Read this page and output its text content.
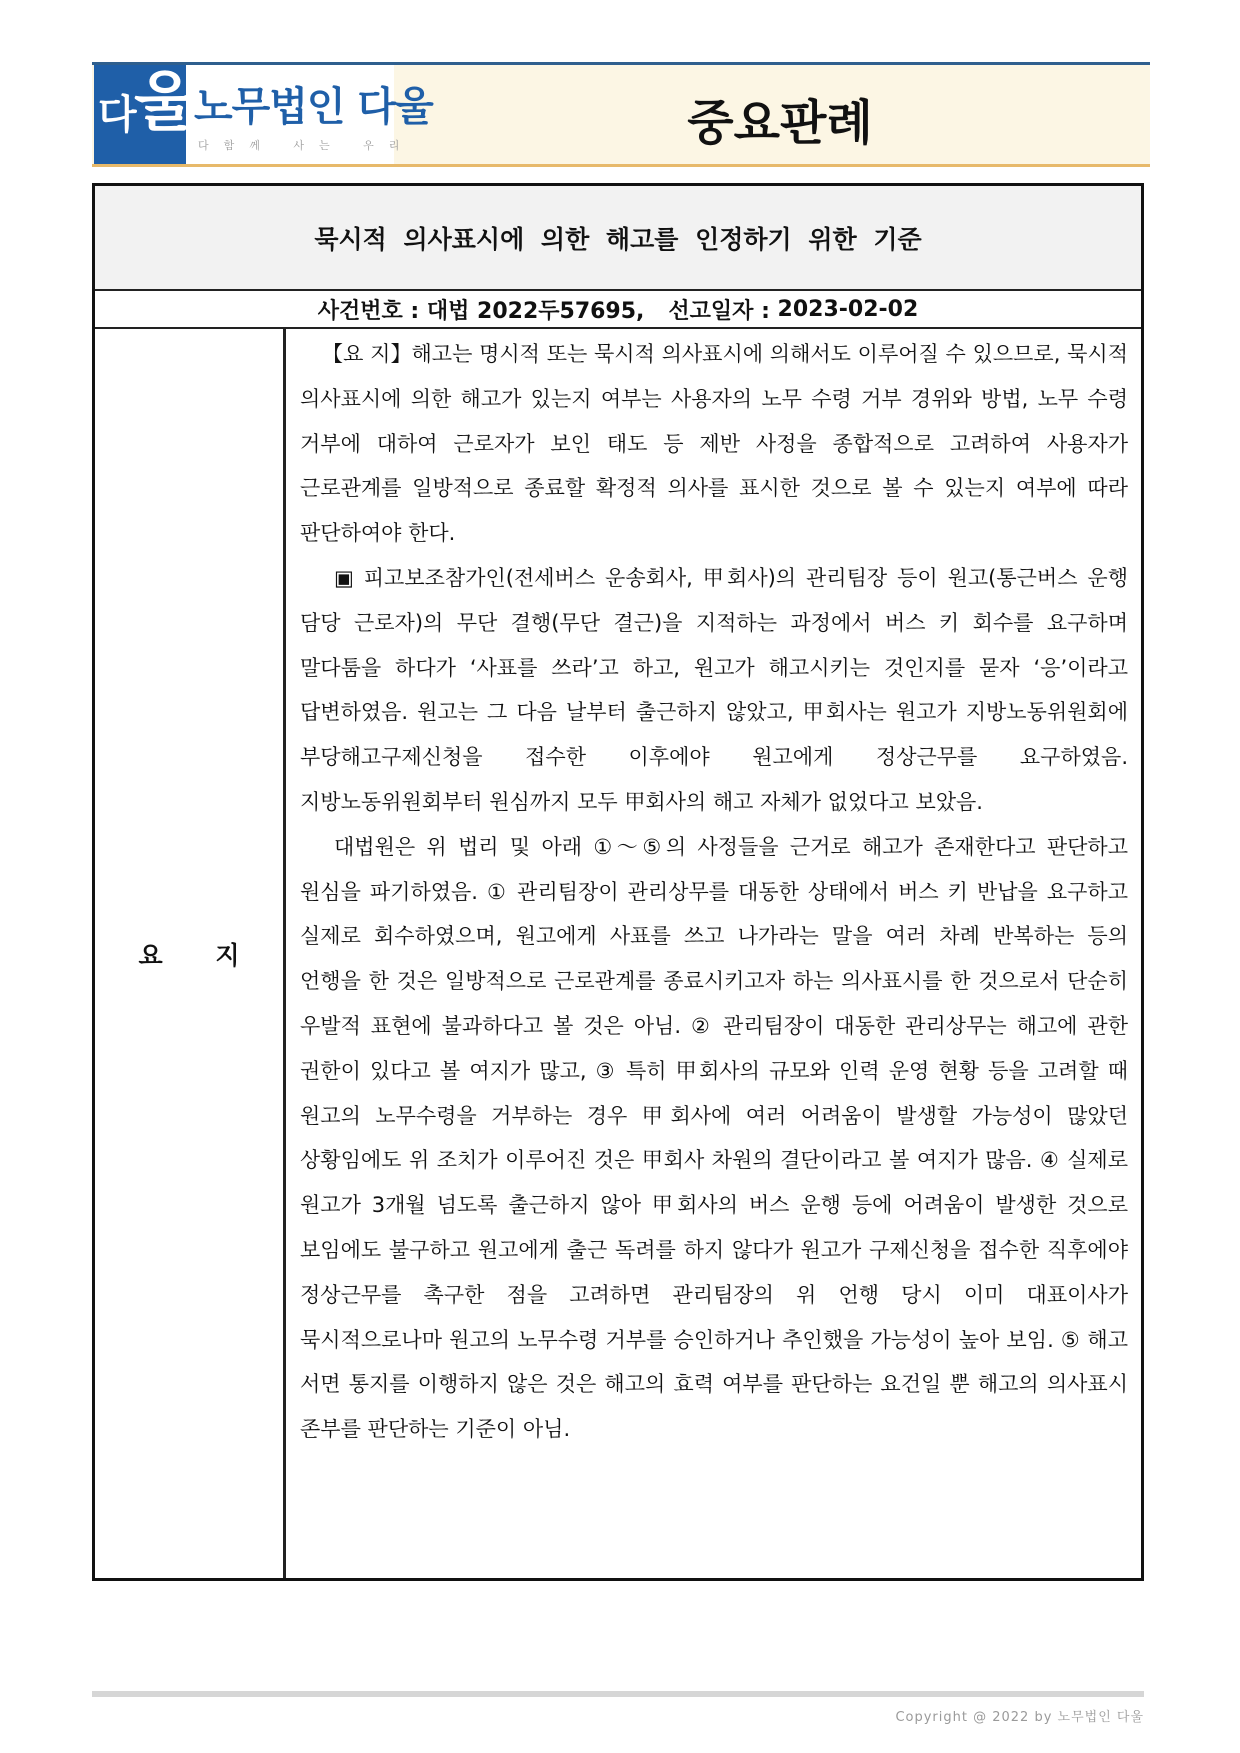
다
울
노무법인 다울
다함께 사는 우리	중요판례
묵시적 의사표시에 의한 해고를 인정하기 위한 기준
사건번호 :
대법 2022두57695, 선고일자 :
2023-02-02
요 지

【요 지】해고는 명시적 또는 묵시적 의사표시에 의해서도 이루어질 수 있으므로, 묵시적 의사표시에 의한 해고가 있는지 여부는 사용자의 노무 수령 거부 경위와 방법, 노무 수령 거부에 대하여 근로자가 보인 태도 등 제반 사정을 종합적으로 고려하여 사용자가 근로관계를 일방적으로 종료할 확정적 의사를 표시한 것으로 볼 수 있는지 여부에 따라 판단하여야 한다.

▣ 피고보조참가인(전세버스 운송회사, 甲회사)의 관리팀장 등이 원고(통근버스 운행 담당 근로자)의 무단 결행(무단 결근)을 지적하는 과정에서 버스 키 회수를 요구하며 말다툼을 하다가 ‘사표를 쓰라’고 하고, 원고가 해고시키는 것인지를 묻자 ‘응’이라고 답변하였음. 원고는 그 다음 날부터 출근하지 않았고, 甲회사는 원고가 지방노동위원회에 부당해고구제신청을 접수한 이후에야 원고에게 정상근무를 요구하였음. 지방노동위원회부터 원심까지 모두 甲회사의 해고 자체가 없었다고 보았음.

대법원은 위 법리 및 아래 ①～⑤의 사정들을 근거로 해고가 존재한다고 판단하고 원심을 파기하였음. ① 관리팀장이 관리상무를 대동한 상태에서 버스 키 반납을 요구하고 실제로 회수하였으며, 원고에게 사표를 쓰고 나가라는 말을 여러 차례 반복하는 등의 언행을 한 것은 일방적으로 근로관계를 종료시키고자 하는 의사표시를 한 것으로서 단순히 우발적 표현에 불과하다고 볼 것은 아님. ② 관리팀장이 대동한 관리상무는 해고에 관한 권한이 있다고 볼 여지가 많고, ③ 특히 甲회사의 규모와 인력 운영 현황 등을 고려할 때 원고의 노무수령을 거부하는 경우 甲회사에 여러 어려움이 발생할 가능성이 많았던 상황임에도 위 조치가 이루어진 것은 甲회사 차원의 결단이라고 볼 여지가 많음. ④ 실제로 원고가 3개월 넘도록 출근하지 않아 甲회사의 버스 운행 등에 어려움이 발생한 것으로 보임에도 불구하고 원고에게 출근 독려를 하지 않다가 원고가 구제신청을 접수한 직후에야 정상근무를 촉구한 점을 고려하면 관리팀장의 위 언행 당시 이미 대표이사가 묵시적으로나마 원고의 노무수령 거부를 승인하거나 추인했을 가능성이 높아 보임. ⑤ 해고 서면 통지를 이행하지 않은 것은 해고의 효력 여부를 판단하는 요건일 뿐 해고의 의사표시 존부를 판단하는 기준이 아님.

Copyright @ 2022 by 노무법인 다울
